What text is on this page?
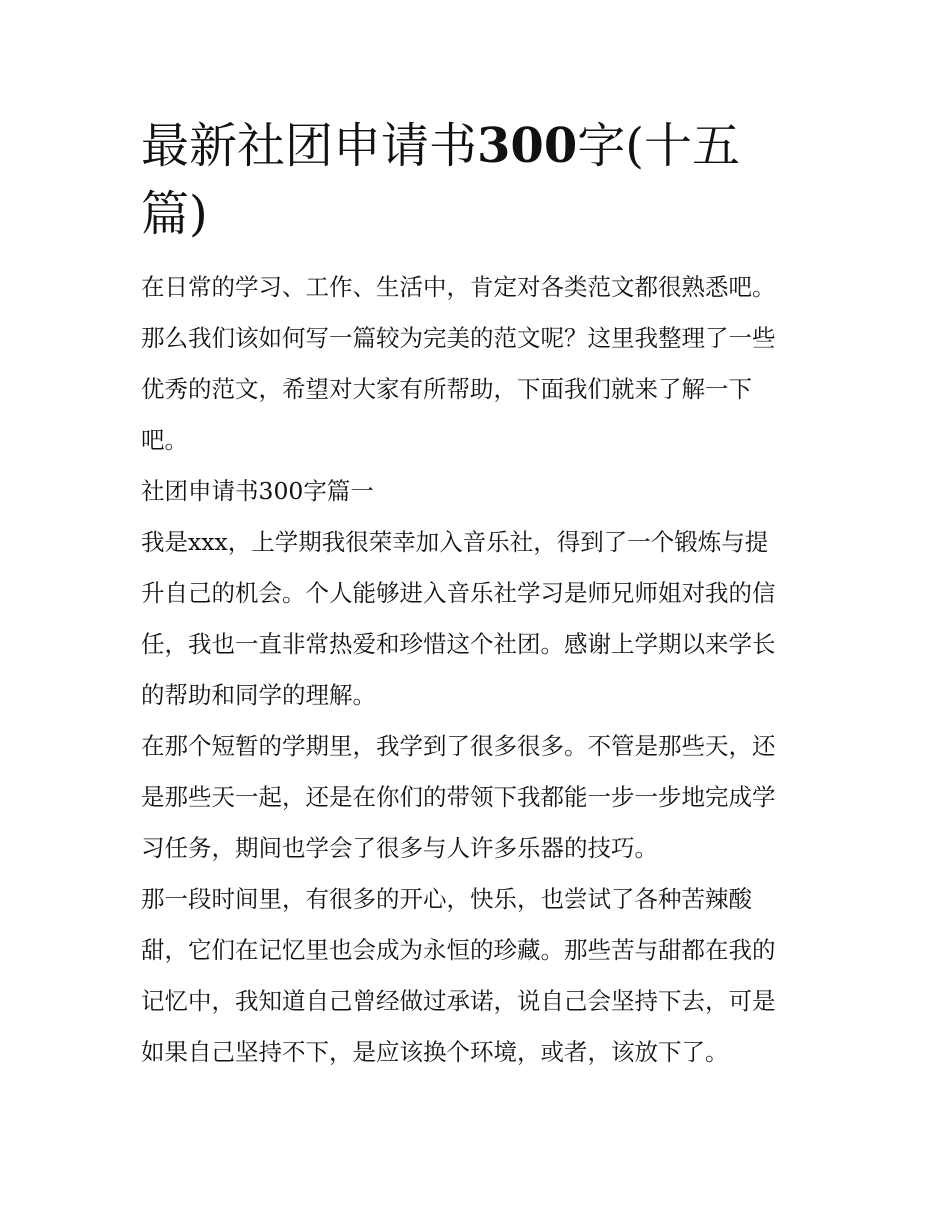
最新社团申请书300字(十五
篇)
在日常的学习、工作、生活中，肯定对各类范文都很熟悉吧。
那么我们该如何写一篇较为完美的范文呢？这里我整理了一些
优秀的范文，希望对大家有所帮助，下面我们就来了解一下
吧。
社团申请书300字篇一
我是xxx，上学期我很荣幸加入音乐社，得到了一个锻炼与提
升自己的机会。个人能够进入音乐社学习是师兄师姐对我的信
任，我也一直非常热爱和珍惜这个社团。感谢上学期以来学长
的帮助和同学的理解。
在那个短暂的学期里，我学到了很多很多。不管是那些天，还
是那些天一起，还是在你们的带领下我都能一步一步地完成学
习任务，期间也学会了很多与人许多乐器的技巧。
那一段时间里，有很多的开心，快乐，也尝试了各种苦辣酸
甜，它们在记忆里也会成为永恒的珍藏。那些苦与甜都在我的
记忆中，我知道自己曾经做过承诺，说自己会坚持下去，可是
如果自己坚持不下，是应该换个环境，或者，该放下了。
